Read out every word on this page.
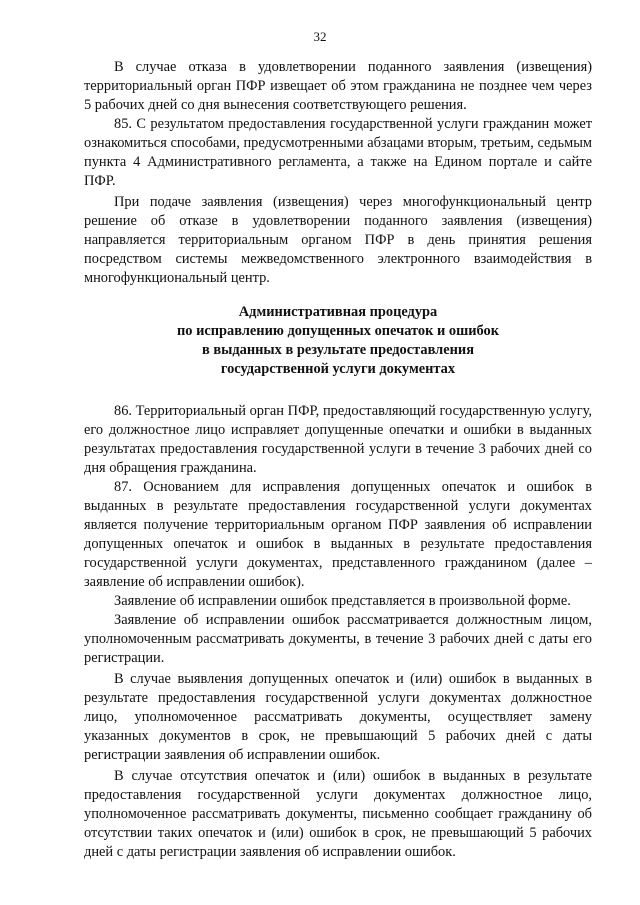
32

В случае отказа в удовлетворении поданного заявления (извещения) территориальный орган ПФР извещает об этом гражданина не позднее чем через 5 рабочих дней со дня вынесения соответствующего решения.

85. С результатом предоставления государственной услуги гражданин может ознакомиться способами, предусмотренными абзацами вторым, третьим, седьмым пункта 4 Административного регламента, а также на Едином портале и сайте ПФР.

При подаче заявления (извещения) через многофункциональный центр решение об отказе в удовлетворении поданного заявления (извещения) направляется территориальным органом ПФР в день принятия решения посредством системы межведомственного электронного взаимодействия в многофункциональный центр.

Административная процедура
по исправлению допущенных опечаток и ошибок
в выданных в результате предоставления
государственной услуги документах

86. Территориальный орган ПФР, предоставляющий государственную услугу, его должностное лицо исправляет допущенные опечатки и ошибки в выданных результатах предоставления государственной услуги в течение 3 рабочих дней со дня обращения гражданина.

87. Основанием для исправления допущенных опечаток и ошибок в выданных в результате предоставления государственной услуги документах является получение территориальным органом ПФР заявления об исправлении допущенных опечаток и ошибок в выданных в результате предоставления государственной услуги документах, представленного гражданином (далее – заявление об исправлении ошибок).

Заявление об исправлении ошибок представляется в произвольной форме.

Заявление об исправлении ошибок рассматривается должностным лицом, уполномоченным рассматривать документы, в течение 3 рабочих дней с даты его регистрации.

В случае выявления допущенных опечаток и (или) ошибок в выданных в результате предоставления государственной услуги документах должностное лицо, уполномоченное рассматривать документы, осуществляет замену указанных документов в срок, не превышающий 5 рабочих дней с даты регистрации заявления об исправлении ошибок.

В случае отсутствия опечаток и (или) ошибок в выданных в результате предоставления государственной услуги документах должностное лицо, уполномоченное рассматривать документы, письменно сообщает гражданину об отсутствии таких опечаток и (или) ошибок в срок, не превышающий 5 рабочих дней с даты регистрации заявления об исправлении ошибок.
